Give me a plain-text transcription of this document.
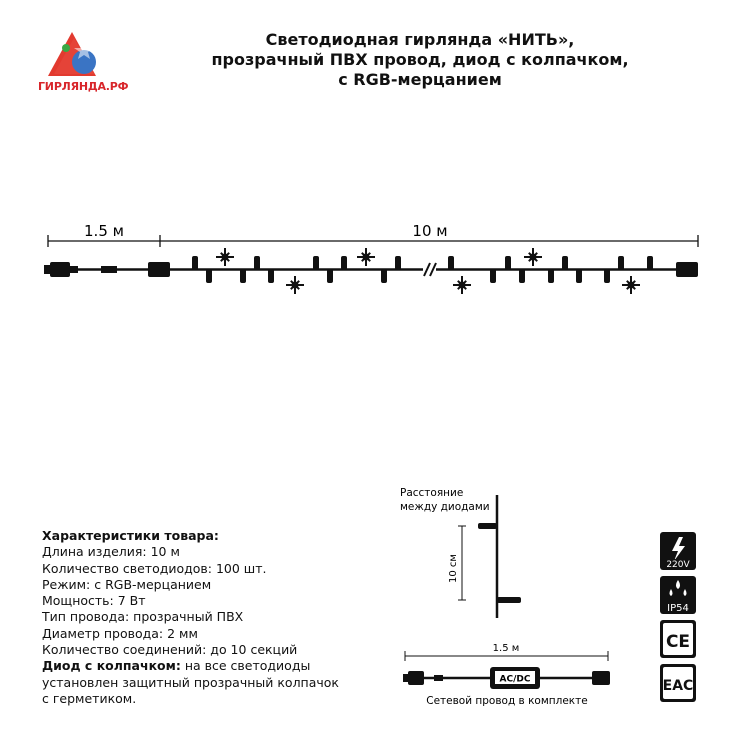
ГИРЛЯНДА.РФ
Светодиодная гирлянда «НИТЬ»,
прозрачный ПВХ провод, диод с колпачком,
с RGB-мерцанием
1.5 м	10 м
Расстояние
между диодами
10 см
1.5 м
AC/DC
Сетевой провод в комплекте
220V
IP54
CE
EAC
Характеристики товара:
Длина изделия: 10 м
Количество светодиодов: 100 шт.
Режим: с RGB-мерцанием
Мощность: 7 Вт
Тип провода: прозрачный ПВХ
Диаметр провода: 2 мм
Количество соединений: до 10 секций
Диод с колпачком: на все светодиоды
установлен защитный прозрачный колпачок
с герметиком.
